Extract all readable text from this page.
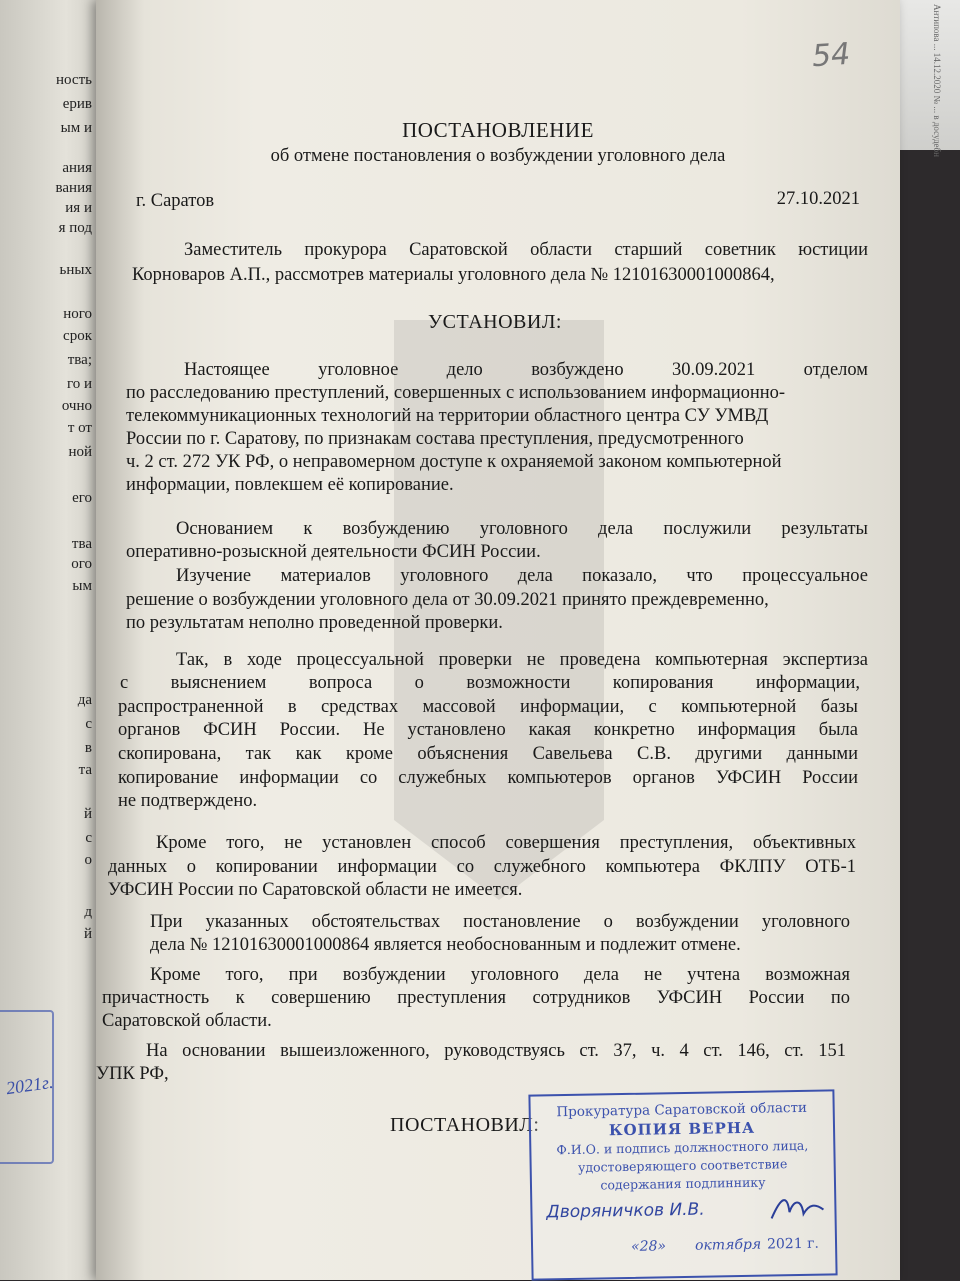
2021г.
ность
ерив
ым и
ания
вания
ия и
я под
ьных
ного
срок
тва;
го и
очно
т от
ной
его
тва
ого
ым
да
с
в
та
й
с
о
д
й
Антипова ... 14.12.2020 № ... в досудебн
54
ПОСТАНОВЛЕНИЕ
об отмене постановления о возбуждении уголовного дела
г. Саратов	27.10.2021
Заместитель прокурора Саратовской области старший советник юстиции
Корноваров А.П., рассмотрев материалы уголовного дела № 12101630001000864,
УСТАНОВИЛ:
Настоящее уголовное дело возбуждено 30.09.2021 отделом
по расследованию преступлений, совершенных с использованием информационно-
телекоммуникационных технологий на территории областного центра СУ УМВД
России по г. Саратову, по признакам состава преступления, предусмотренного
ч. 2 ст. 272 УК РФ, о неправомерном доступе к охраняемой законом компьютерной
информации, повлекшем её копирование.
Основанием к возбуждению уголовного дела послужили результаты
оперативно-розыскной деятельности ФСИН России.
Изучение материалов уголовного дела показало, что процессуальное
решение о возбуждении уголовного дела от 30.09.2021 принято преждевременно,
по результатам неполно проведенной проверки.
Так, в ходе процессуальной проверки не проведена компьютерная экспертиза
с выяснением вопроса о возможности копирования информации,
распространенной в средствах массовой информации, с компьютерной базы
органов ФСИН России. Не установлено какая конкретно информация была
скопирована, так как кроме объяснения Савельева С.В. другими данными
копирование информации со служебных компьютеров органов УФСИН России
не подтверждено.
Кроме того, не установлен способ совершения преступления, объективных
данных о копировании информации со служебного компьютера ФКЛПУ ОТБ-1
УФСИН России по Саратовской области не имеется.
При указанных обстоятельствах постановление о возбуждении уголовного
дела № 12101630001000864 является необоснованным и подлежит отмене.
Кроме того, при возбуждении уголовного дела не учтена возможная
причастность к совершению преступления сотрудников УФСИН России по
Саратовской области.
На основании вышеизложенного, руководствуясь ст. 37, ч. 4 ст. 146, ст. 151
УПК РФ,
ПОСТАНОВИЛ:
Прокуратура Саратовской области
КОПИЯ ВЕРНА
Ф.И.О. и подпись должностного лица,
удостоверяющего соответствие
содержания подлиннику
Дворяничков И.В.
«28» октября 2021 г.
